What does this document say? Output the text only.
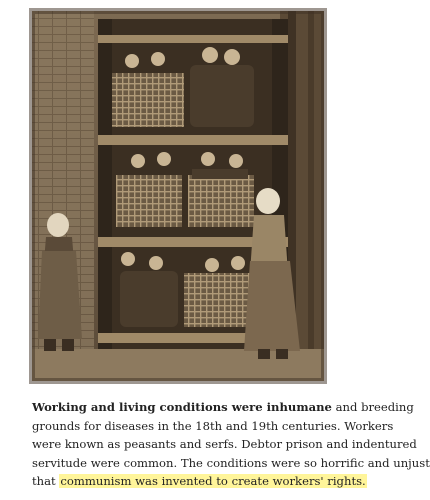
Working and living conditions were inhumane and breeding

grounds for diseases in the 18th and 19th centuries. Workers

were known as peasants and serfs. Debtor prison and indentured

servitude were common. The conditions were so horrific and unjust

that communism was invented to create workers' rights.
